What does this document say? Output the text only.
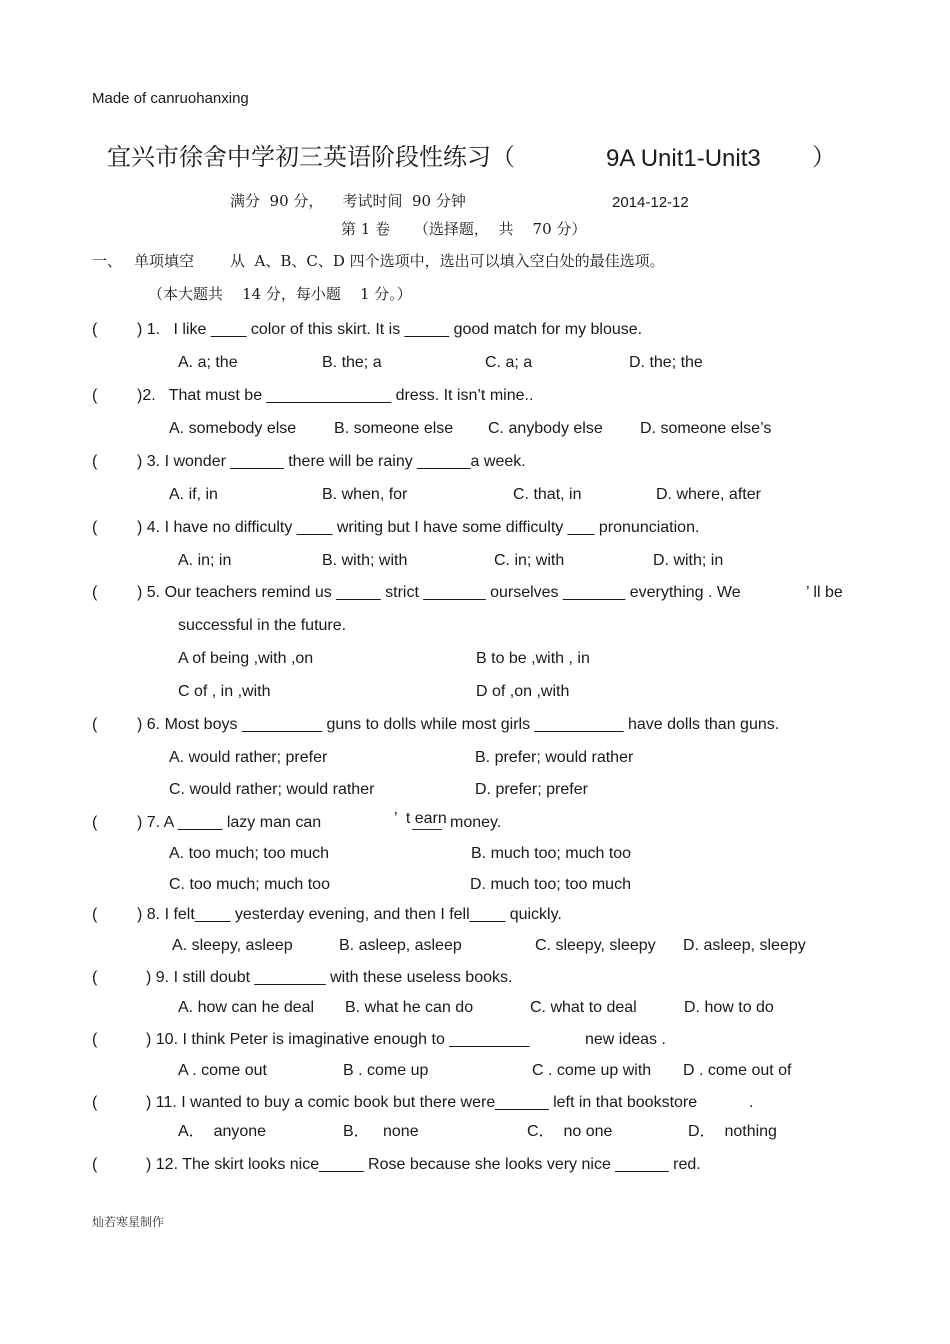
Made of canruohanxing
宜兴市徐舍中学初三英语阶段性练习（	9A Unit1-Unit3 ）
满分  90 分，    考试时间  90 分钟	2014-12-12
第 1 卷     （选择题，  共    70 分）
一、 单项填空 从  A、B、C、D 四个选项中，选出可以填入空白处的最佳选项。
（本大题共    14 分，每小题    1 分。）
( ) 1.   I like ____ color of this skirt. It is _____ good match for my blouse.
A. a; the	B. the; a	C. a; a	D. the; the
( )2.   That must be ______________ dress. It isn’t mine..
A. somebody else B. someone else C. anybody else D. someone else’s
( ) 3. I wonder ______ there will be rainy ______a week.
A. if, in	B. when, for	C. that, in	D. where, after
( ) 4. I have no difficulty ____ writing but I have some difficulty ___ pronunciation.
A. in; in	B. with; with	C. in; with	D. with; in
( ) 5. Our teachers remind us _____ strict _______ ourselves _______ everything . We	’ ll be
successful in the future.
A of being ,with ,on	B to be ,with , in
C of , in ,with	D of ,on ,with
( ) 6. Most boys _________ guns to dolls while most girls __________ have dolls than guns.
A. would rather; prefer	B. prefer; would rather
C. would rather; would rather	D. prefer; prefer
( ) 7. A _____ lazy man can	’  t earn money.
A. too much; too much	B. much too; much too
C. too much; much too	D. much too; too much
( ) 8. I felt____ yesterday evening, and then I fell____ quickly.
A. sleepy, asleep	B. asleep, asleep	C. sleepy, sleepy D. asleep, sleepy
(	) 9. I still doubt ________ with these useless books.
A. how can he deal B. what he can do	C. what to deal	D. how to do
(	) 10. I think Peter is imaginative enough to _________	new ideas .
A . come out	B . come up	C . come up with D . come out of
(	) 11. I wanted to buy a comic book but there were______ left in that bookstore	.
A．  anyone	B．   none	C．  no one	D．  nothing
(	) 12. The skirt looks nice_____ Rose because she looks very nice ______ red.
灿若寒星制作
